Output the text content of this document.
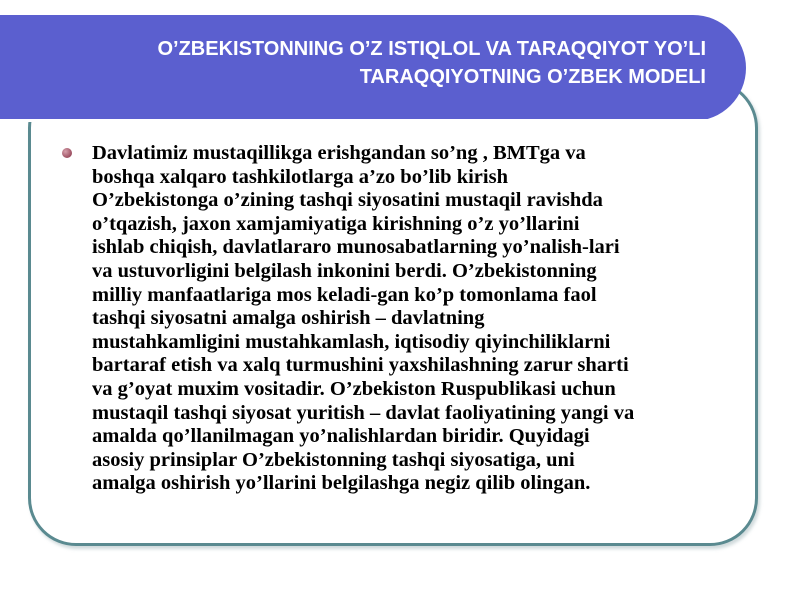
O’ZBEKISTONNING O’Z ISTIQLOL VA TARAQQIYOT YO’LI
TARAQQIYOTNING O’ZBEK MODELI

Davlatimiz mustaqillikga erishgandan so’ng , BMTga va
boshqa xalqaro tashkilotlarga a’zo bo’lib kirish
O’zbekistonga o’zining tashqi siyosatini mustaqil ravishda
o’tqazish, jaxon xamjamiyatiga kirishning o’z yo’llarini
ishlab chiqish, davlatlararo munosabatlarning yo’nalish-lari
va ustuvorligini belgilash inkonini berdi. O’zbekistonning
milliy manfaatlariga mos keladi-gan ko’p tomonlama faol
tashqi siyosatni amalga oshirish – davlatning
mustahkamligini mustahkamlash, iqtisodiy qiyinchiliklarni
bartaraf etish va xalq turmushini yaxshilashning zarur sharti
va g’oyat muxim vositadir. O’zbekiston Ruspublikasi uchun
mustaqil tashqi siyosat yuritish – davlat faoliyatining yangi va
amalda qo’llanilmagan yo’nalishlardan biridir. Quyidagi
asosiy prinsiplar O’zbekistonning tashqi siyosatiga, uni
amalga oshirish yo’llarini belgilashga negiz qilib olingan.
